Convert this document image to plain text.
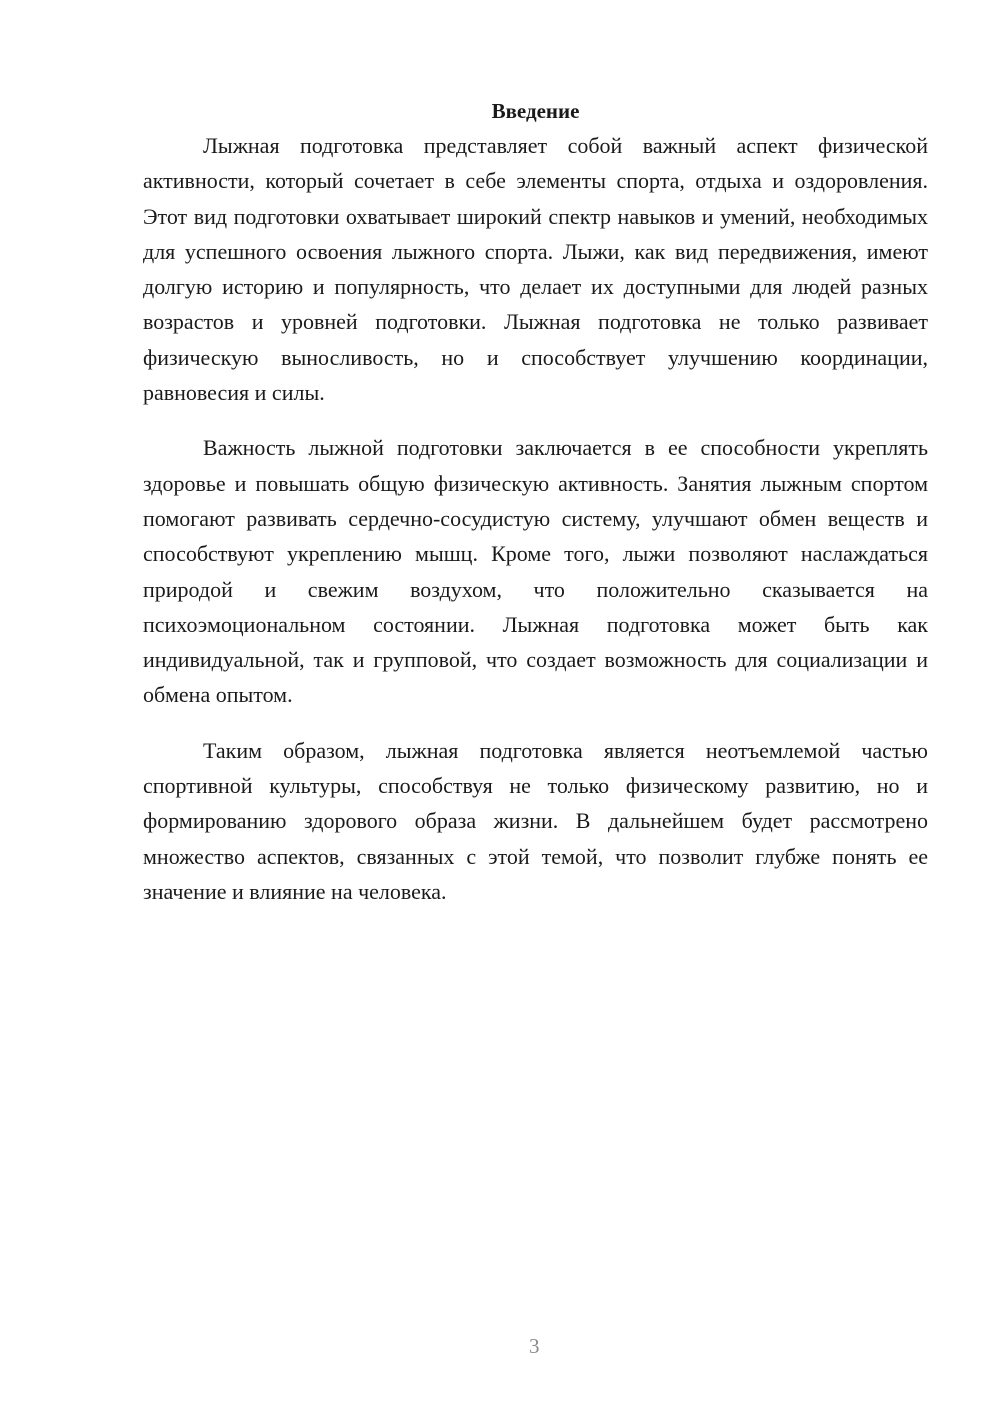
Введение

Лыжная подготовка представляет собой важный аспект физической активности, который сочетает в себе элементы спорта, отдыха и оздоровления. Этот вид подготовки охватывает широкий спектр навыков и умений, необходимых для успешного освоения лыжного спорта. Лыжи, как вид передвижения, имеют долгую историю и популярность, что делает их доступными для людей разных возрастов и уровней подготовки. Лыжная подготовка не только развивает физическую выносливость, но и способствует улучшению координации, равновесия и силы.

Важность лыжной подготовки заключается в ее способности укреплять здоровье и повышать общую физическую активность. Занятия лыжным спортом помогают развивать сердечно-сосудистую систему, улучшают обмен веществ и способствуют укреплению мышц. Кроме того, лыжи позволяют наслаждаться природой и свежим воздухом, что положительно сказывается на психоэмоциональном состоянии. Лыжная подготовка может быть как индивидуальной, так и групповой, что создает возможность для социализации и обмена опытом.

Таким образом, лыжная подготовка является неотъемлемой частью спортивной культуры, способствуя не только физическому развитию, но и формированию здорового образа жизни. В дальнейшем будет рассмотрено множество аспектов, связанных с этой темой, что позволит глубже понять ее значение и влияние на человека.

3
